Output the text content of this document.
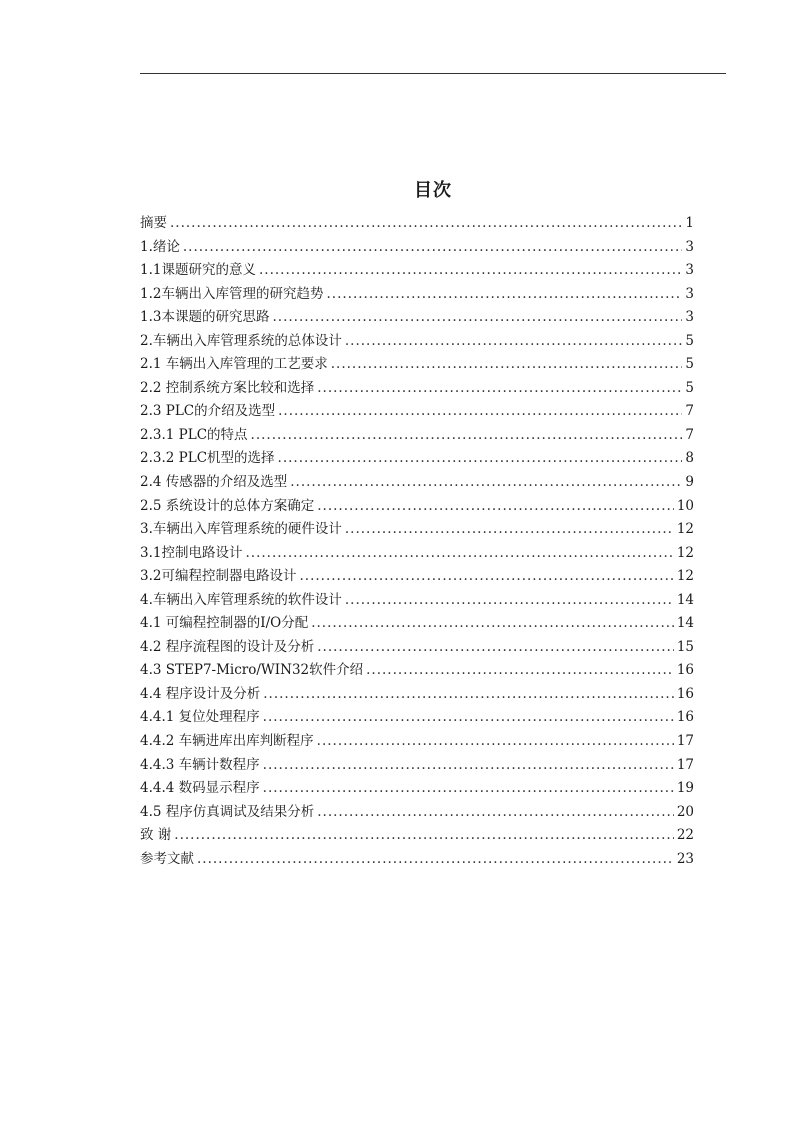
目次
摘要 .....	1
1.绪论 .....	3
1.1课题研究的意义 .....	3
1.2车辆出入库管理的研究趋势 .....	3
1.3本课题的研究思路 .....	3
2.车辆出入库管理系统的总体设计 .....	5
2.1 车辆出入库管理的工艺要求 .....	5
2.2 控制系统方案比较和选择 .....	5
2.3 PLC的介绍及选型 .....	7
2.3.1 PLC的特点 .....	7
2.3.2 PLC机型的选择 .....	8
2.4 传感器的介绍及选型 .....	9
2.5 系统设计的总体方案确定 .....	10
3.车辆出入库管理系统的硬件设计 .....	12
3.1控制电路设计 .....	12
3.2可编程控制器电路设计 .....	12
4.车辆出入库管理系统的软件设计 .....	14
4.1 可编程控制器的I/O分配 .....	14
4.2 程序流程图的设计及分析 .....	15
4.3 STEP7-Micro/WIN32软件介绍 .....	16
4.4 程序设计及分析 .....	16
4.4.1 复位处理程序 .....	16
4.4.2 车辆进库出库判断程序 .....	17
4.4.3 车辆计数程序 .....	17
4.4.4 数码显示程序 .....	19
4.5 程序仿真调试及结果分析 .....	20
致 谢 .....	22
参考文献 .....	23
